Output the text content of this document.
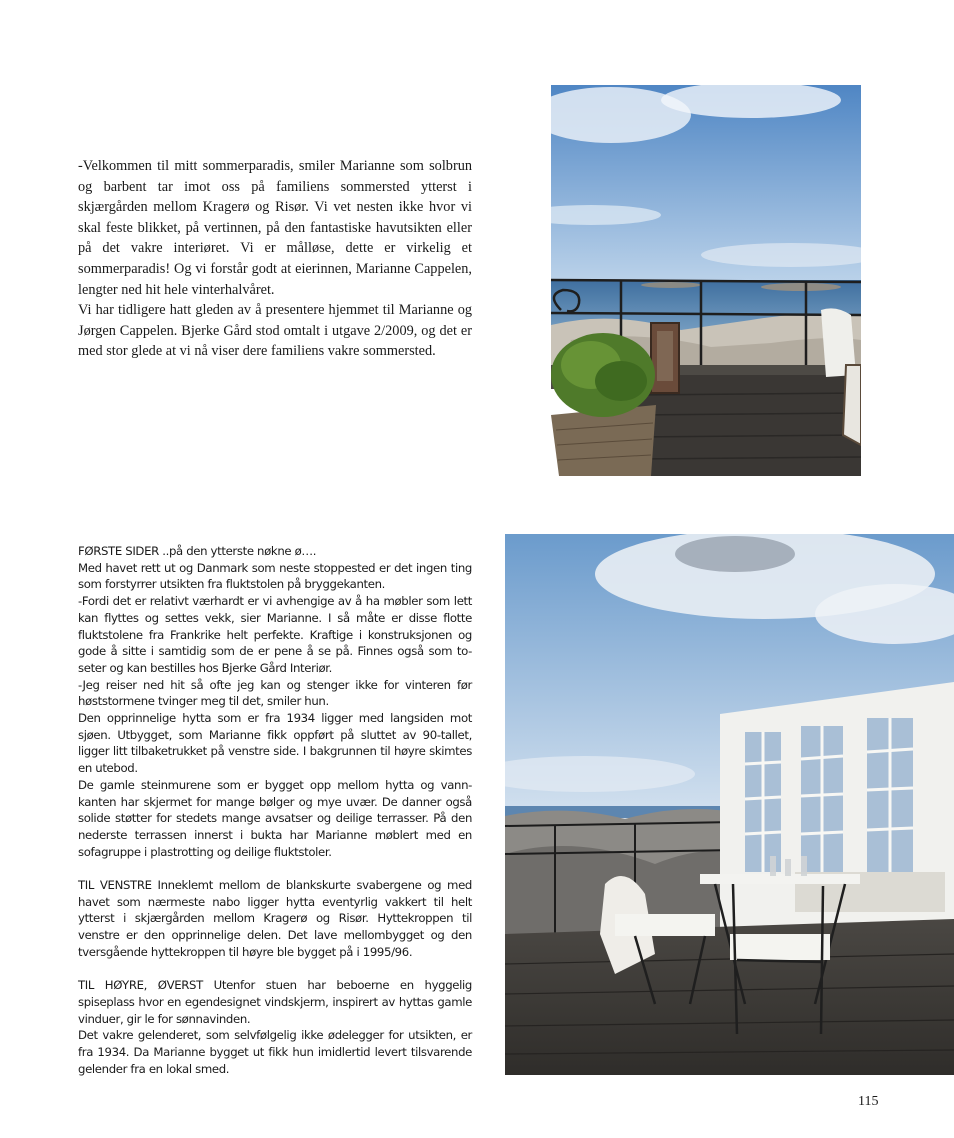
-Velkommen til mitt sommerparadis, smiler Marianne som solbrun og barbent tar imot oss på familiens sommersted ytterst i skjærgården mellom Kragerø og Risør. Vi vet nesten ikke hvor vi skal feste blikket, på vertinnen, på den fantastiske havutsikten eller på det vakre interiøret. Vi er målløse, dette er virkelig et sommerparadis! Og vi forstår godt at eierinnen, Marianne Cappelen, lengter ned hit hele vinterhalvåret.

Vi har tidligere hatt gleden av å presentere hjemmet til Marianne og Jørgen Cappelen. Bjerke Gård stod omtalt i utgave 2/2009, og det er med stor glede at vi nå viser dere familiens vakre sommersted.

FØRSTE SIDER ..på den ytterste nøkne ø….

Med havet rett ut og Danmark som neste stoppested er det ingen ting som forstyrrer utsikten fra fluktstolen på bryggekanten.

-Fordi det er relativt værhardt er vi avhengige av å ha møbler som lett kan flyttes og settes vekk, sier Marianne. I så måte er disse flotte fluktstolene fra Frankrike helt perfekte. Kraftige i konstruksjonen og gode å sitte i samtidig som de er pene å se på. Finnes også som to-seter og kan bestilles hos Bjerke Gård Interiør.

-Jeg reiser ned hit så ofte jeg kan og stenger ikke for vinteren før høststormene tvinger meg til det, smiler hun.

Den opprinnelige hytta som er fra 1934 ligger med langsiden mot sjøen. Utbygget, som Marianne fikk oppført på sluttet av 90-tallet, ligger litt tilbaketrukket på venstre side. I bakgrunnen til høyre skimtes en utebod.

De gamle steinmurene som er bygget opp mellom hytta og vann-kanten har skjermet for mange bølger og mye uvær. De danner også solide støtter for stedets mange avsatser og deilige terrasser. På den nederste terrassen innerst i bukta har Marianne møblert med en sofagruppe i plastrotting og deilige fluktstoler.

TIL VENSTRE Inneklemt mellom de blankskurte svabergene og med havet som nærmeste nabo ligger hytta eventyrlig vakkert til helt ytterst i skjærgården mellom Kragerø og Risør. Hyttekroppen til venstre er den opprinnelige delen. Det lave mellombygget og den tversgående hyttekroppen til høyre ble bygget på i 1995/96.

TIL HØYRE, ØVERST Utenfor stuen har beboerne en hyggelig spiseplass hvor en egendesignet vindskjerm, inspirert av hyttas gamle vinduer, gir le for sønnavinden.

Det vakre gelenderet, som selvfølgelig ikke ødelegger for utsikten, er fra 1934. Da Marianne bygget ut fikk hun imidlertid levert tilsvarende gelender fra en lokal smed.

115
